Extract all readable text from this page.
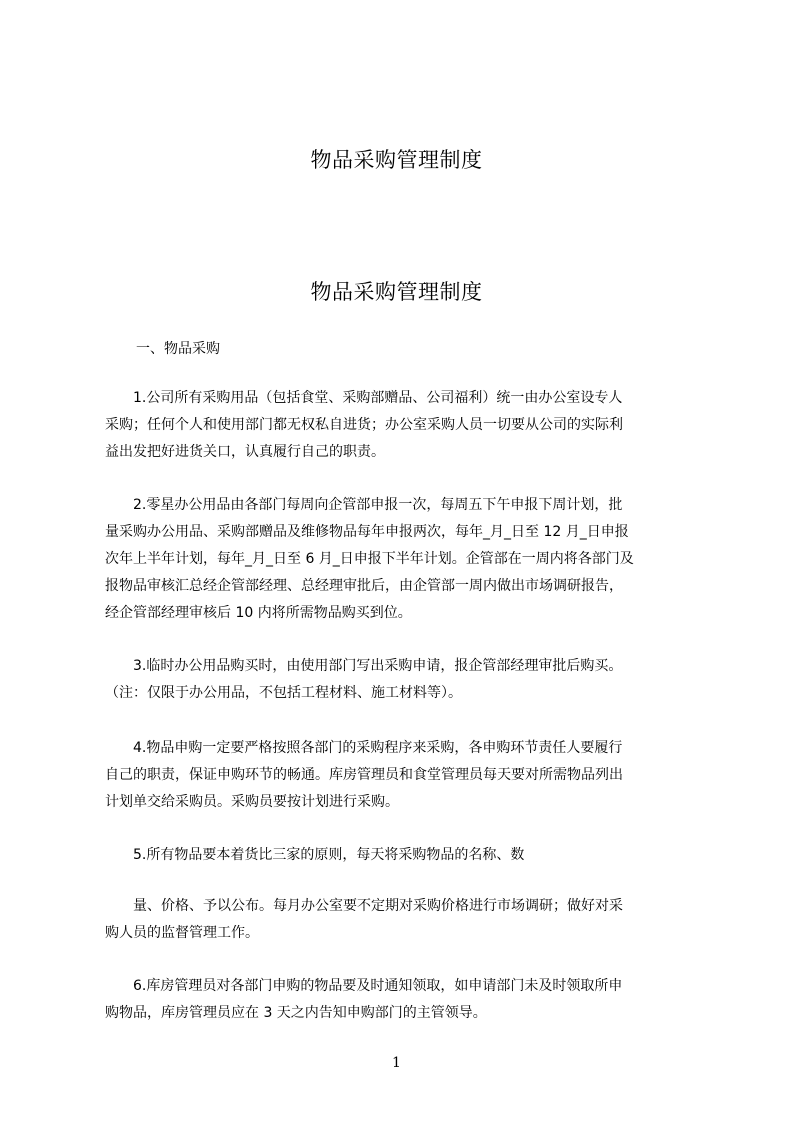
物品采购管理制度
物品采购管理制度
一、物品采购
　　1.公司所有采购用品（包括食堂、采购部赠品、公司福利）统一由办公室设专人
采购；任何个人和使用部门都无权私自进货；办公室采购人员一切要从公司的实际利
益出发把好进货关口，认真履行自己的职责。
　　2.零星办公用品由各部门每周向企管部申报一次，每周五下午申报下周计划，批
量采购办公用品、采购部赠品及维修物品每年申报两次，每年_月_日至 12 月_日申报
次年上半年计划，每年_月_日至 6 月_日申报下半年计划。企管部在一周内将各部门及
报物品审核汇总经企管部经理、总经理审批后，由企管部一周内做出市场调研报告，
经企管部经理审核后 10 内将所需物品购买到位。
　　3.临时办公用品购买时，由使用部门写出采购申请，报企管部经理审批后购买。
（注：仅限于办公用品，不包括工程材料、施工材料等）。
　　4.物品申购一定要严格按照各部门的采购程序来采购，各申购环节责任人要履行
自己的职责，保证申购环节的畅通。库房管理员和食堂管理员每天要对所需物品列出
计划单交给采购员。采购员要按计划进行采购。
　　5.所有物品要本着货比三家的原则，每天将采购物品的名称、数
　　量、价格、予以公布。每月办公室要不定期对采购价格进行市场调研；做好对采
购人员的监督管理工作。
　　6.库房管理员对各部门申购的物品要及时通知领取，如申请部门未及时领取所申
购物品，库房管理员应在 3 天之内告知申购部门的主管领导。
1
